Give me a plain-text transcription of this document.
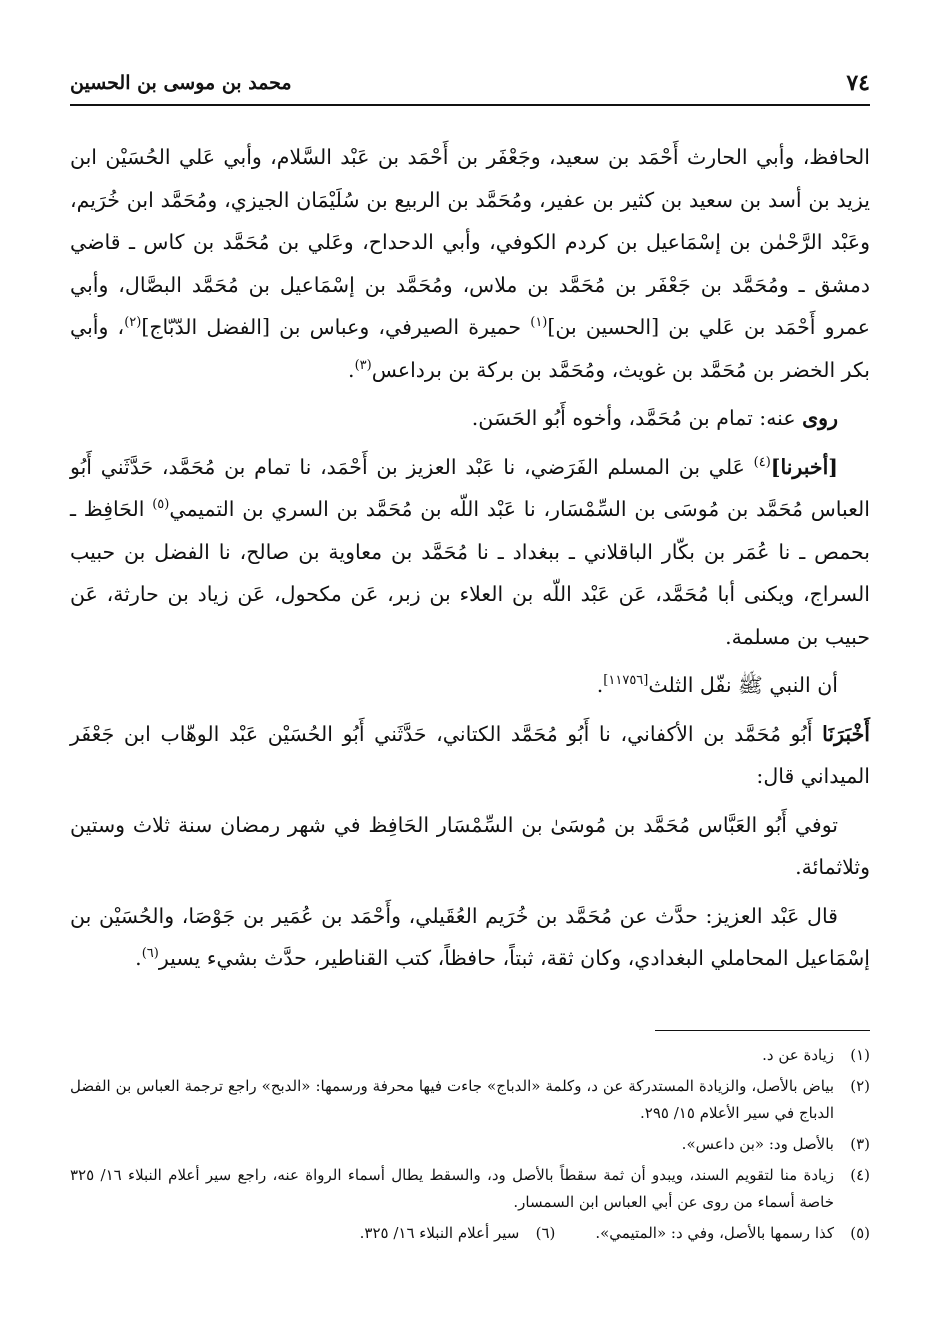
٧٤
محمد بن موسى بن الحسين

الحافظ، وأبي الحارث أَحْمَد بن سعيد، وجَعْفَر بن أَحْمَد بن عَبْد السَّلام، وأبي عَلي الحُسَيْن ابن يزيد بن أسد بن سعيد بن كثير بن عفير، ومُحَمَّد بن الربيع بن سُلَيْمَان الجيزي، ومُحَمَّد ابن خُرَيم، وعَبْد الرَّحْمٰن بن إسْمَاعيل بن كردم الكوفي، وأبي الدحداح، وعَلي بن مُحَمَّد بن كاس ـ قاضي دمشق ـ ومُحَمَّد بن جَعْفَر بن مُحَمَّد بن ملاس، ومُحَمَّد بن إسْمَاعيل بن مُحَمَّد البصَّال، وأبي عمرو أَحْمَد بن عَلي بن [الحسين بن]$^{(١)}$ حميرة الصيرفي، وعباس بن [الفضل الدّبّاج]$^{(٢)}$، وأبي بكر الخضر بن مُحَمَّد بن غويث، ومُحَمَّد بن بركة بن برداعس$^{(٣)}$.

روى عنه: تمام بن مُحَمَّد، وأخوه أَبُو الحَسَن.

[أخبرنا]$^{(٤)}$ عَلي بن المسلم الفَرَضي، نا عَبْد العزيز بن أَحْمَد، نا تمام بن مُحَمَّد، حَدَّثَني أَبُو العباس مُحَمَّد بن مُوسَى بن السِّمْسَار، نا عَبْد اللّه بن مُحَمَّد بن السري بن التميمي$^{(٥)}$ الحَافِظ ـ بحمص ـ نا عُمَر بن بكّار الباقلاني ـ ببغداد ـ نا مُحَمَّد بن معاوية بن صالح، نا الفضل بن حبيب السراج، ويكنى أبا مُحَمَّد، عَن عَبْد اللّه بن العلاء بن زبر، عَن مكحول، عَن زياد بن حارثة، عَن حبيب بن مسلمة.

أن النبي ﷺ نفّل الثلث[١١٧٥٦].

أَخْبَرَنَا أَبُو مُحَمَّد بن الأكفاني، نا أَبُو مُحَمَّد الكتاني، حَدَّثَني أَبُو الحُسَيْن عَبْد الوهّاب ابن جَعْفَر الميداني قال:

توفي أَبُو العَبَّاس مُحَمَّد بن مُوسَىٰ بن السِّمْسَار الحَافِظ في شهر رمضان سنة ثلاث وستين وثلاثمائة.

قال عَبْد العزيز: حدَّث عن مُحَمَّد بن خُرَيم العُقَيلي، وأَحْمَد بن عُمَير بن جَوْصَا، والحُسَيْن بن إسْمَاعيل المحاملي البغدادي، وكان ثقة، ثبتاً، حافظاً، كتب القناطير، حدَّث بشيء يسير$^{(٦)}$.

(١)
زيادة عن د.
(٢)
بياض بالأصل، والزيادة المستدركة عن د، وكلمة «الدباج» جاءت فيها محرفة ورسمها: «الدبح» راجع ترجمة العباس بن الفضل الدباج في سير الأعلام ١٥/ ٢٩٥.
(٣)
بالأصل ود: «بن داعس».
(٤)
زيادة منا لتقويم السند، ويبدو أن ثمة سقطاً بالأصل ود، والسقط يطال أسماء الرواة عنه، راجع سير أعلام النبلاء ١٦/ ٣٢٥ خاصة أسماء من روى عن أبي العباس ابن السمسار.
(٥)
كذا رسمها بالأصل، وفي د: «المتيمي».
(٦)
سير أعلام النبلاء ١٦/ ٣٢٥.
